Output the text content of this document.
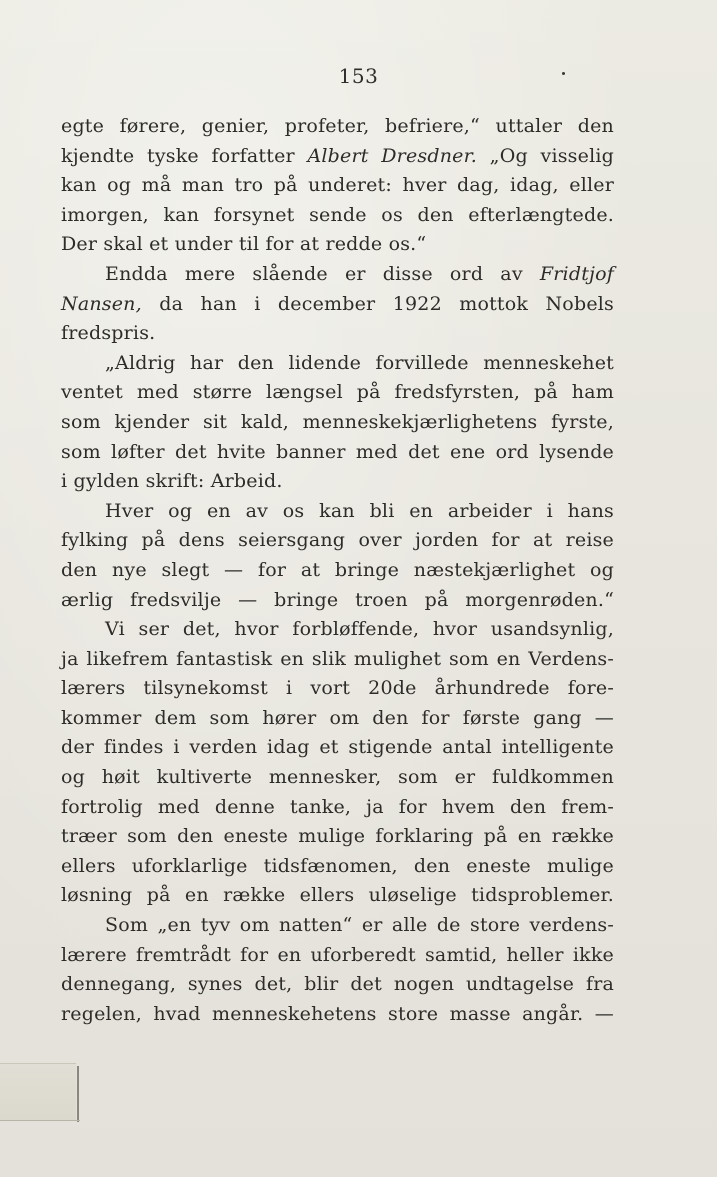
153
egte førere, genier, profeter, befriere,“ uttaler den
kjendte tyske forfatter Albert Dresdner. „Og visselig
kan og må man tro på underet: hver dag, idag, eller
imorgen, kan forsynet sende os den efterlængtede.
Der skal et under til for at redde os.“
Endda mere slående er disse ord av Fridtjof
Nansen, da han i december 1922 mottok Nobels
fredspris.
„Aldrig har den lidende forvillede menneskehet
ventet med større længsel på fredsfyrsten, på ham
som kjender sit kald, menneskekjærlighetens fyrste,
som løfter det hvite banner med det ene ord lysende
i gylden skrift: Arbeid.
Hver og en av os kan bli en arbeider i hans
fylking på dens seiersgang over jorden for at reise
den nye slegt — for at bringe næstekjærlighet og
ærlig fredsvilje — bringe troen på morgenrøden.“
Vi ser det, hvor forbløffende, hvor usandsynlig,
ja likefrem fantastisk en slik mulighet som en Verdens-
lærers tilsynekomst i vort 20de århundrede fore-
kommer dem som hører om den for første gang —
der findes i verden idag et stigende antal intelligente
og høit kultiverte mennesker, som er fuldkommen
fortrolig med denne tanke, ja for hvem den frem-
træer som den eneste mulige forklaring på en række
ellers uforklarlige tidsfænomen, den eneste mulige
løsning på en række ellers uløselige tidsproblemer.
Som „en tyv om natten“ er alle de store verdens-
lærere fremtrådt for en uforberedt samtid, heller ikke
dennegang, synes det, blir det nogen undtagelse fra
regelen, hvad menneskehetens store masse angår. —
